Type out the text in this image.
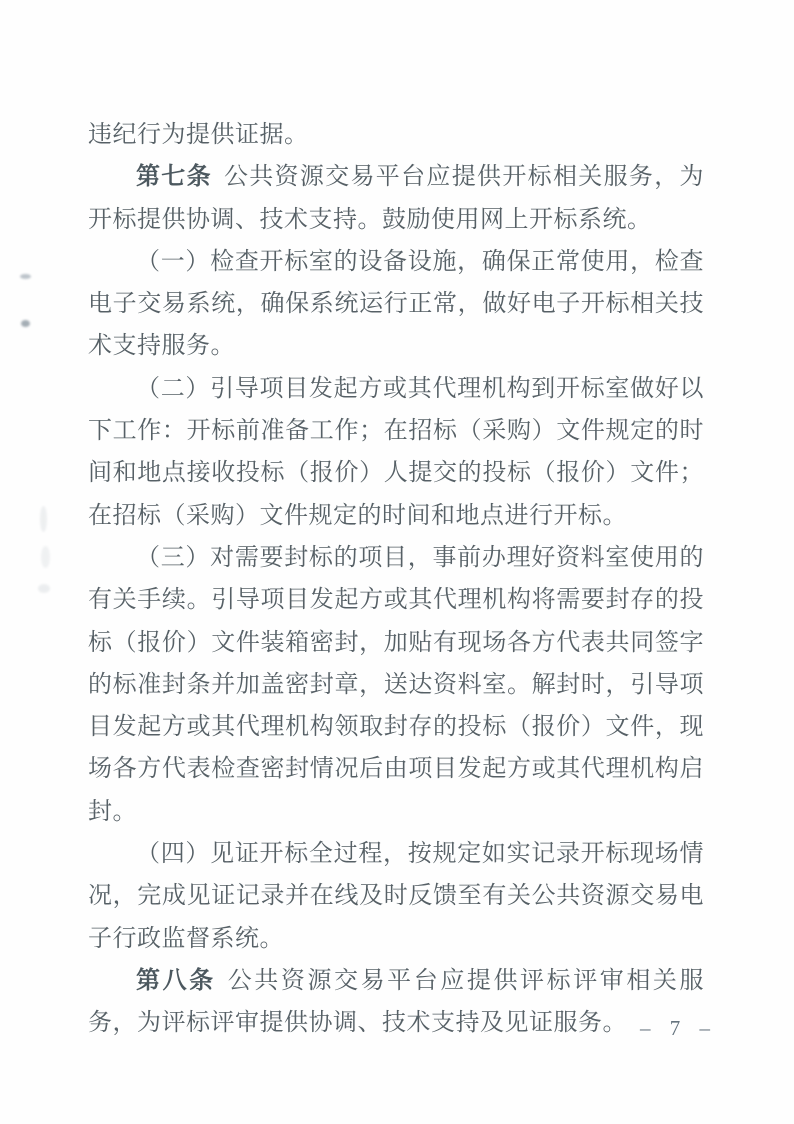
违纪行为提供证据。

第七条 公共资源交易平台应提供开标相关服务，为开标提供协调、技术支持。鼓励使用网上开标系统。

（一）检查开标室的设备设施，确保正常使用，检查电子交易系统，确保系统运行正常，做好电子开标相关技术支持服务。

（二）引导项目发起方或其代理机构到开标室做好以下工作：开标前准备工作；在招标（采购）文件规定的时间和地点接收投标（报价）人提交的投标（报价）文件；在招标（采购）文件规定的时间和地点进行开标。

（三）对需要封标的项目，事前办理好资料室使用的有关手续。引导项目发起方或其代理机构将需要封存的投标（报价）文件装箱密封，加贴有现场各方代表共同签字的标准封条并加盖密封章，送达资料室。解封时，引导项目发起方或其代理机构领取封存的投标（报价）文件，现场各方代表检查密封情况后由项目发起方或其代理机构启封。

（四）见证开标全过程，按规定如实记录开标现场情况，完成见证记录并在线及时反馈至有关公共资源交易电子行政监督系统。

第八条 公共资源交易平台应提供评标评审相关服务，为评标评审提供协调、技术支持及见证服务。 – 7 –
